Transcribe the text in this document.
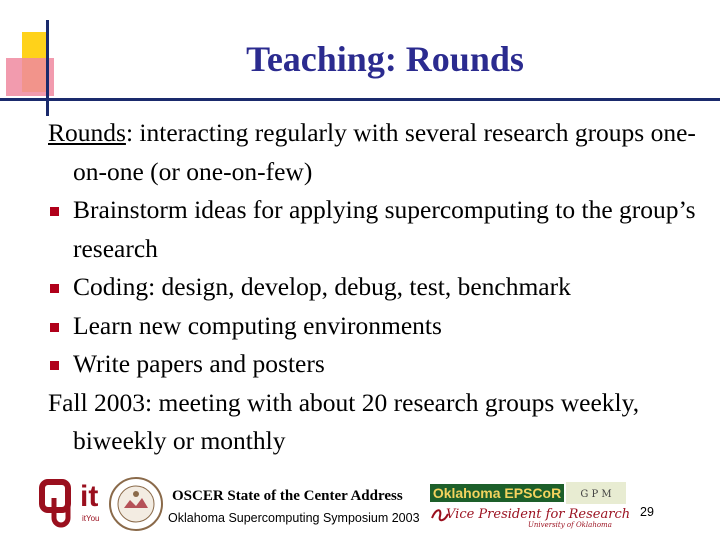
Teaching: Rounds

Rounds: interacting regularly with several research groups one-on-one (or one-on-few)

Brainstorm ideas for applying supercomputing to the group’s research

Coding: design, develop, debug, test, benchmark

Learn new computing environments

Write papers and posters

Fall 2003: meeting with about 20 research groups weekly, biweekly or monthly

it
itYou
OSCER State of the Center Address
Oklahoma Supercomputing Symposium 2003
Oklahoma EPSCoR
Vice President for Research
University of Oklahoma
G P M
29
